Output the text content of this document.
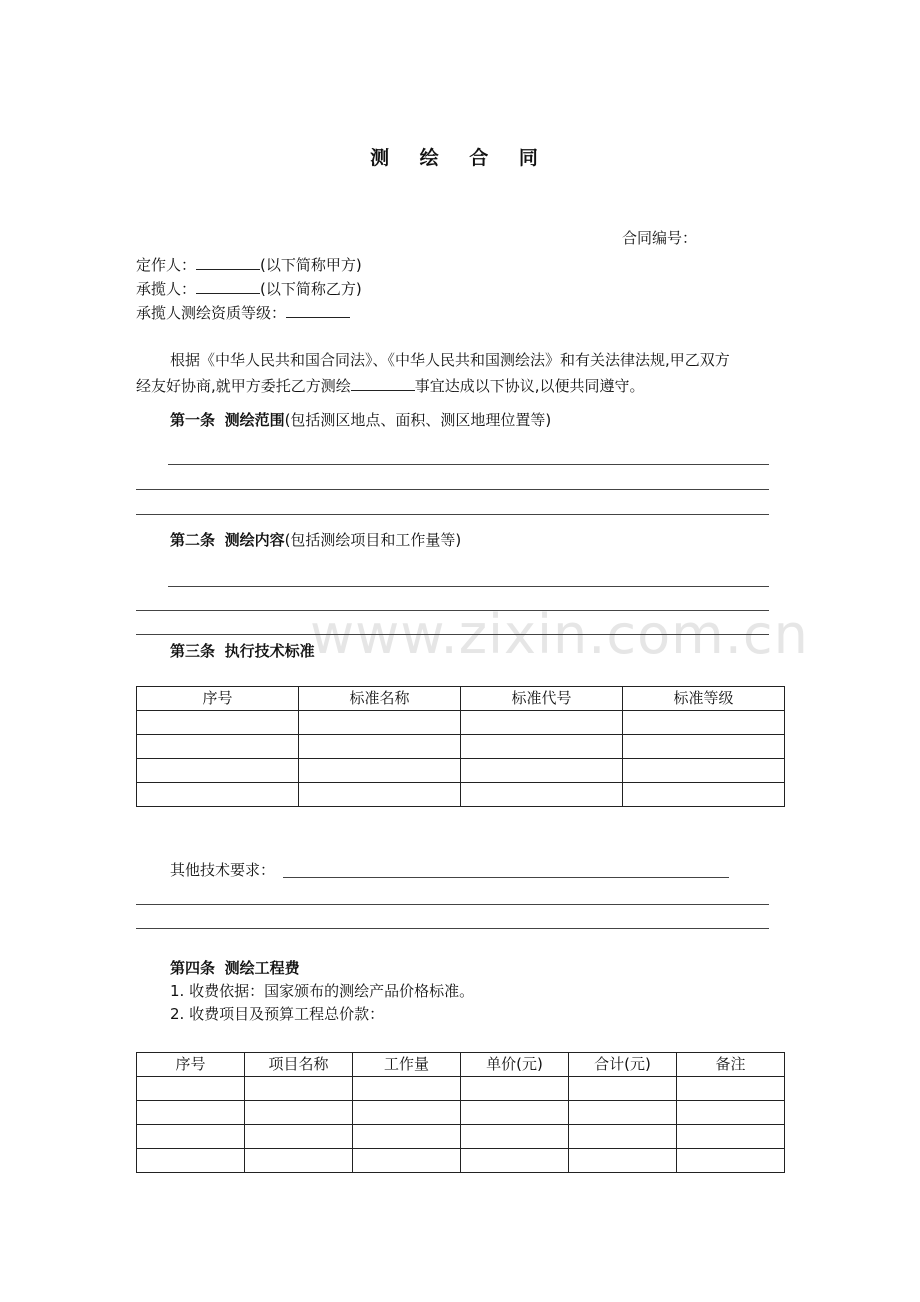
www.zixin.com.cn
测 绘 合 同
合同编号：
定作人：	(以下简称甲方)
承揽人：	(以下简称乙方)
承揽人测绘资质等级：
根据《中华人民共和国合同法》、《中华人民共和国测绘法》和有关法律法规,甲乙双方
经友好协商,就甲方委托乙方测绘	事宜达成以下协议,以便共同遵守。
第一条 测绘范围(包括测区地点、面积、测区地理位置等)
第二条 测绘内容(包括测绘项目和工作量等)
第三条 执行技术标准
序号	标准名称	标准代号	标准等级

其他技术要求：
第四条 测绘工程费
1. 收费依据：国家颁布的测绘产品价格标准。
2. 收费项目及预算工程总价款：
序号	项目名称	工作量	单价(元)	合计(元)	备注
